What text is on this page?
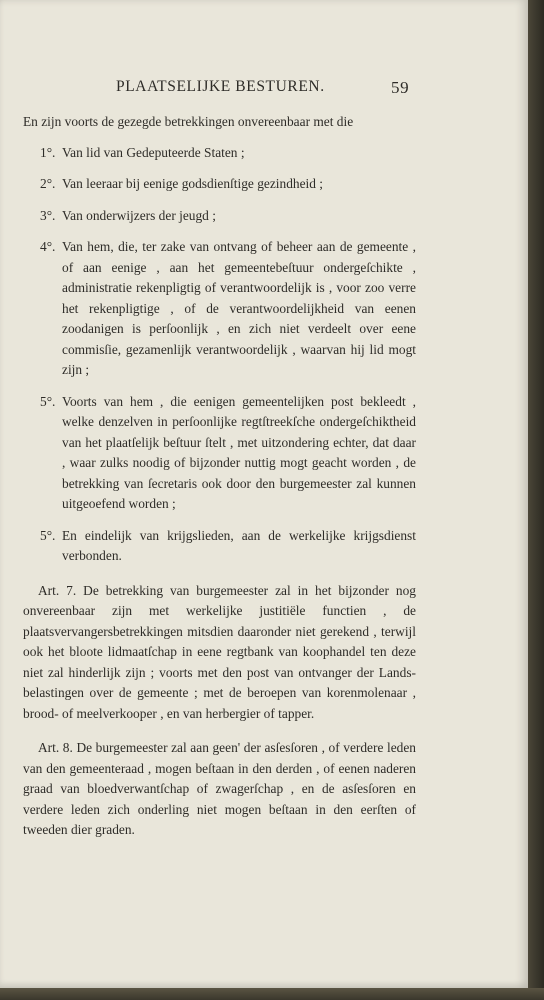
PLAATSELIJKE BESTUREN.	59

En zijn voorts de gezegde betrekkingen onvereenbaar met die

1°. Van lid van Gedeputeerde Staten ;

2°. Van leeraar bij eenige godsdienſtige gezindheid ;

3°. Van onderwijzers der jeugd ;

4°. Van hem, die, ter zake van ontvang of beheer aan de gemeente , of aan eenige , aan het gemeentebeſtuur ondergeſchikte , administratie rekenpligtig of verantwoordelijk is , voor zoo verre het rekenpligtige , of de verantwoordelijkheid van eenen zoodanigen is perſoonlijk , en zich niet verdeelt over eene commisſie, gezamenlijk verantwoordelijk , waarvan hij lid mogt zijn ;

5°. Voorts van hem , die eenigen gemeentelijken post bekleedt , welke denzelven in perſoonlijke regtſtreekſche ondergeſchiktheid van het plaatſelijk beſtuur ſtelt , met uitzondering echter, dat daar , waar zulks noodig of bijzonder nuttig mogt geacht worden , de betrekking van ſecretaris ook door den burgemeester zal kunnen uitgeoefend worden ;

5°. En eindelijk van krijgslieden, aan de werkelijke krijgsdienst verbonden.

Art. 7. De betrekking van burgemeester zal in het bijzonder nog onvereenbaar zijn met werkelijke justitiële functien , de plaatsvervangersbetrekkingen mitsdien daaronder niet gerekend , terwijl ook het bloote lidmaatſchap in eene regtbank van koophandel ten deze niet zal hinderlijk zijn ; voorts met den post van ontvanger der Lands-belastingen over de gemeente ; met de beroepen van korenmolenaar , brood- of meelverkooper , en van herbergier of tapper.

Art. 8. De burgemeester zal aan geen' der asſesſoren , of verdere leden van den gemeenteraad , mogen beſtaan in den derden , of eenen naderen graad van bloedverwantſchap of zwagerſchap , en de asſesſoren en verdere leden zich onderling niet mogen beſtaan in den eerſten of tweeden dier graden.
